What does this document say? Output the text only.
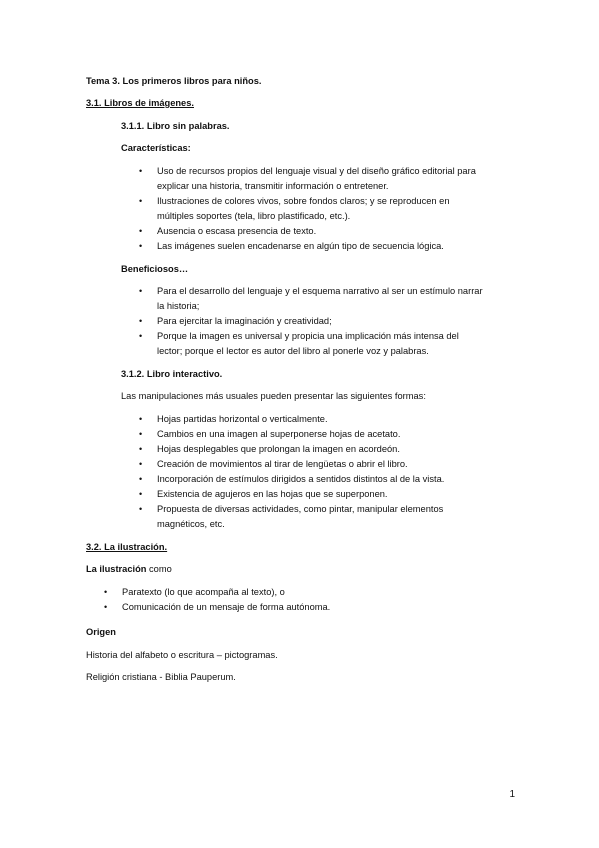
Tema 3. Los primeros libros para niños.
3.1. Libros de imágenes.
3.1.1. Libro sin palabras.
Características:
• Uso de recursos propios del lenguaje visual y del diseño gráfico editorial para
explicar una historia, transmitir información o entretener.
• Ilustraciones de colores vivos, sobre fondos claros; y se reproducen en
múltiples soportes (tela, libro plastificado, etc.).
• Ausencia o escasa presencia de texto.
• Las imágenes suelen encadenarse en algún tipo de secuencia lógica.
Beneficiosos…
• Para el desarrollo del lenguaje y el esquema narrativo al ser un estímulo narrar
la historia;
• Para ejercitar la imaginación y creatividad;
• Porque la imagen es universal y propicia una implicación más intensa del
lector; porque el lector es autor del libro al ponerle voz y palabras.
3.1.2. Libro interactivo.
Las manipulaciones más usuales pueden presentar las siguientes formas:
• Hojas partidas horizontal o verticalmente.
• Cambios en una imagen al superponerse hojas de acetato.
• Hojas desplegables que prolongan la imagen en acordeón.
• Creación de movimientos al tirar de lengüetas o abrir el libro.
• Incorporación de estímulos dirigidos a sentidos distintos al de la vista.
• Existencia de agujeros en las hojas que se superponen.
• Propuesta de diversas actividades, como pintar, manipular elementos
magnéticos, etc.
3.2. La ilustración.
La ilustración como
• Paratexto (lo que acompaña al texto), o
• Comunicación de un mensaje de forma autónoma.
Origen
Historia del alfabeto o escritura – pictogramas.
Religión cristiana - Biblia Pauperum.
1
